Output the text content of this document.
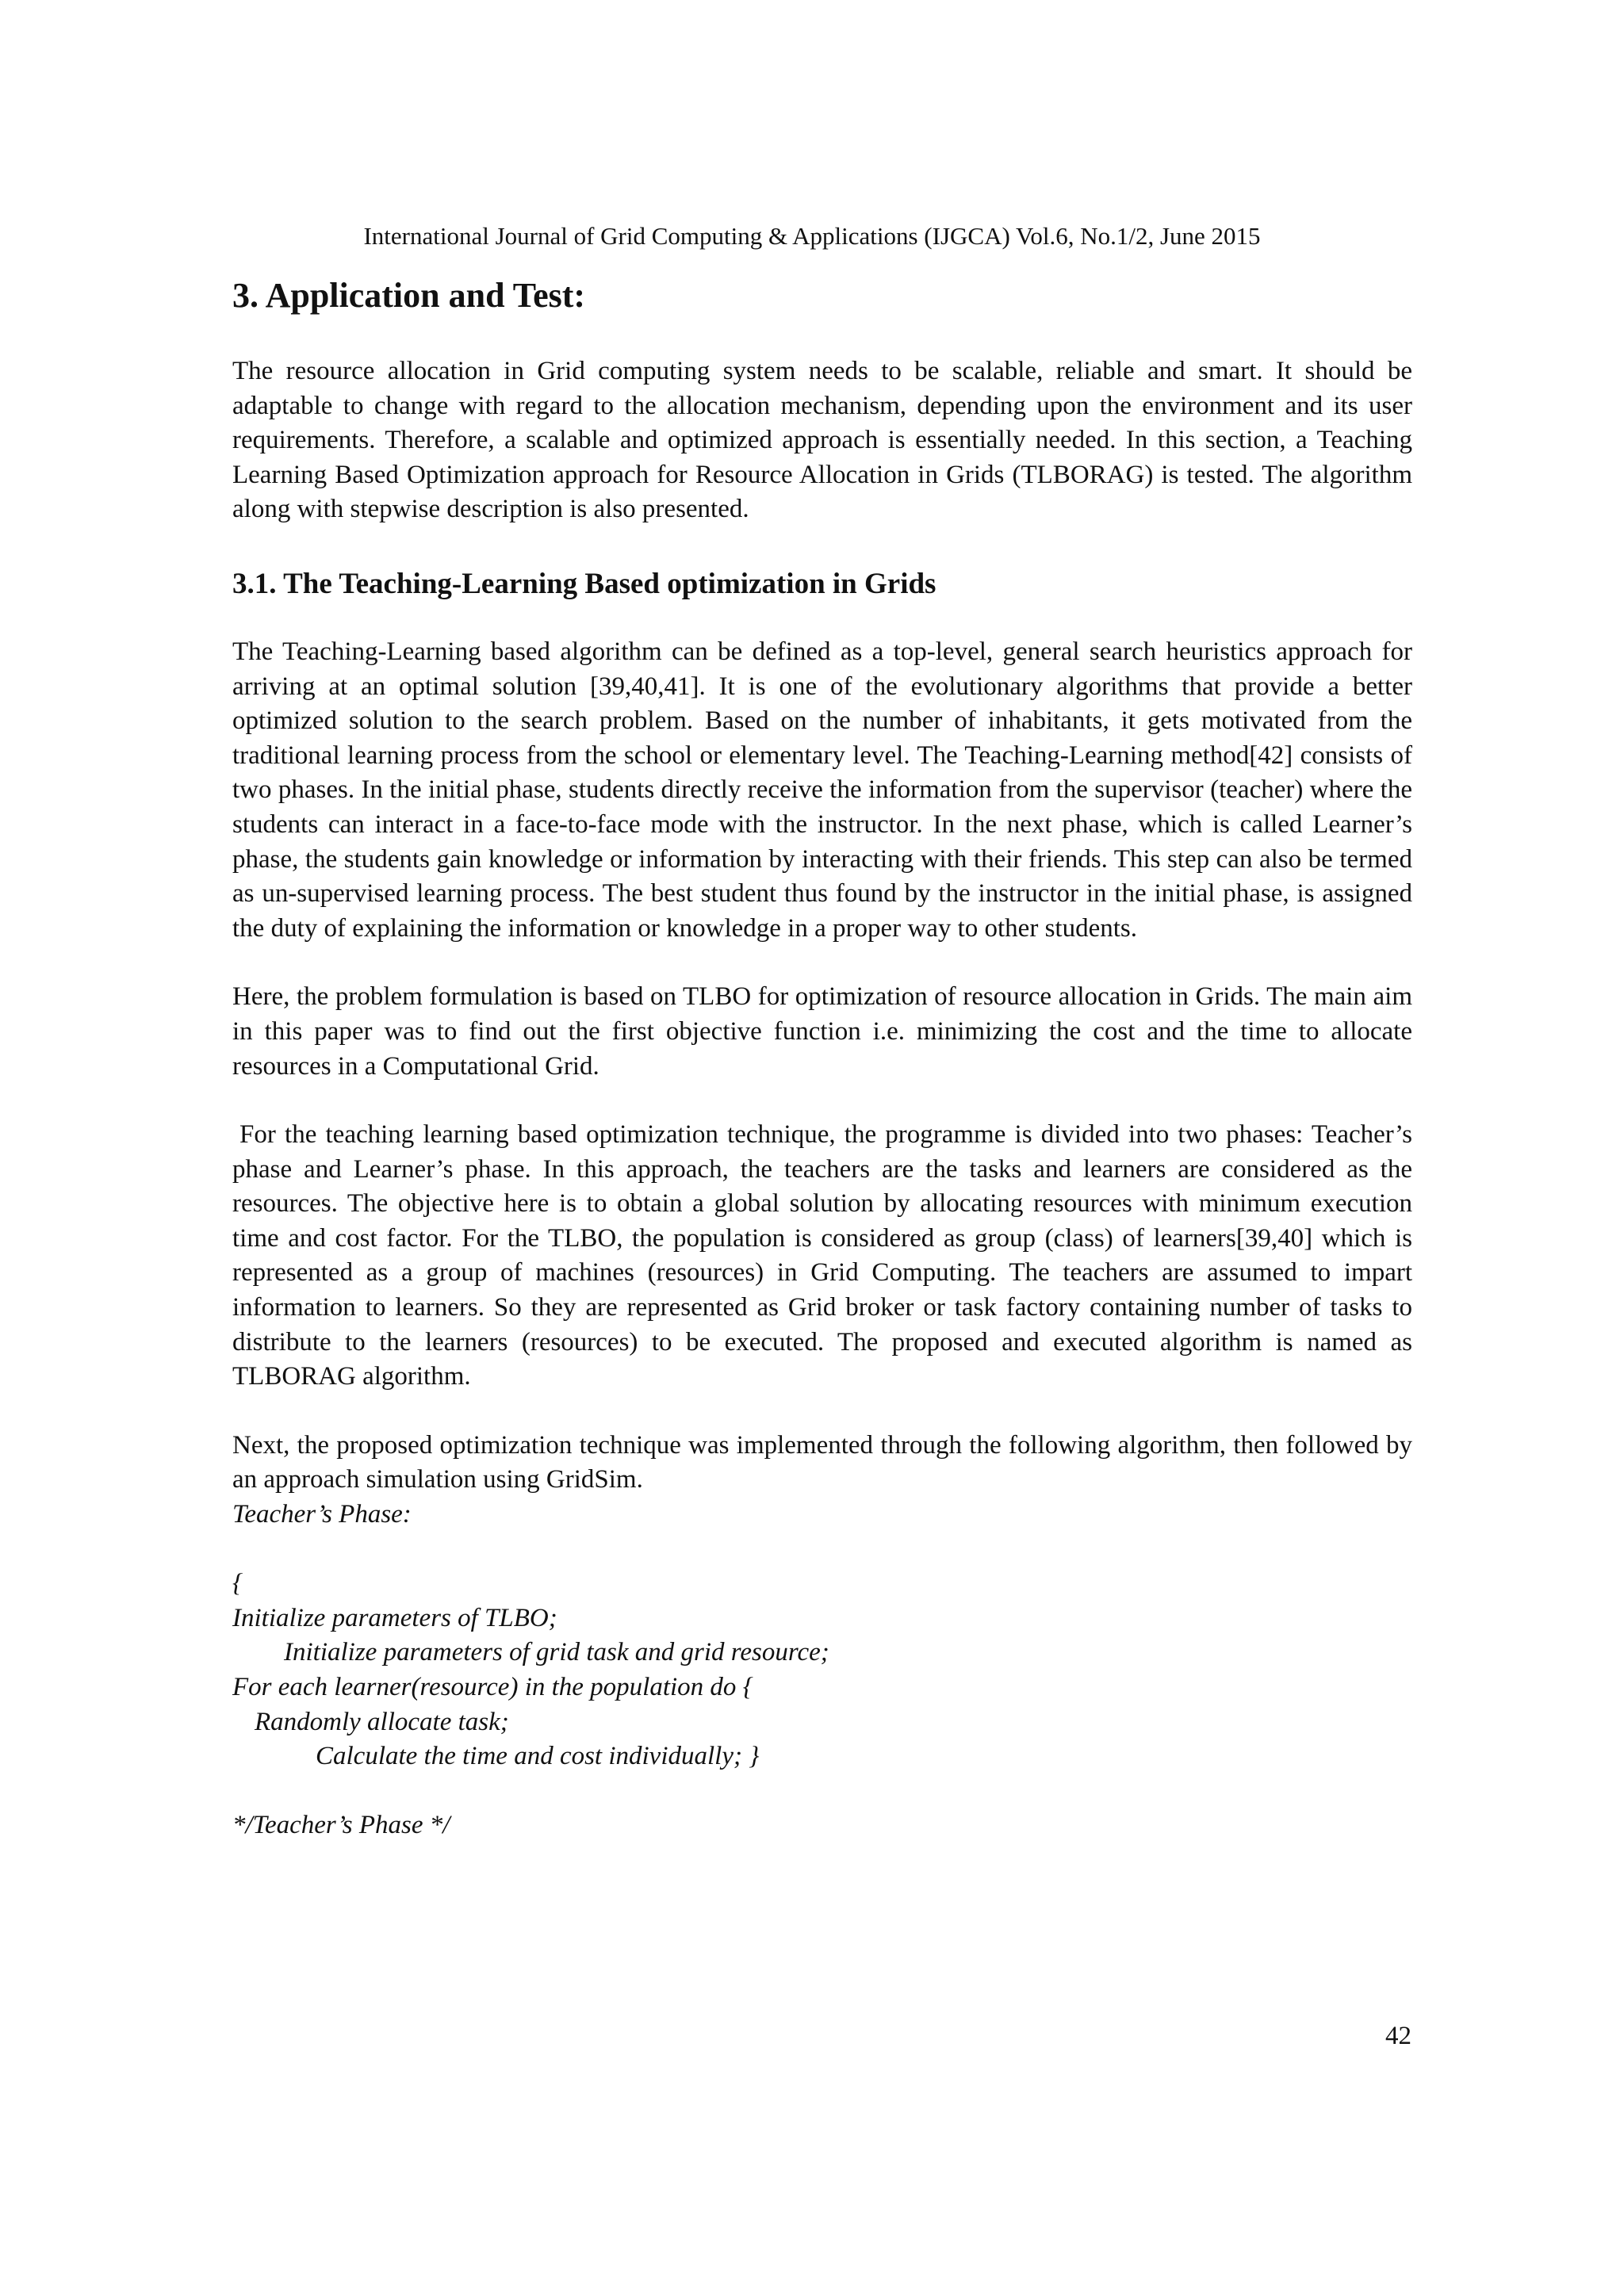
International Journal of Grid Computing & Applications (IJGCA) Vol.6, No.1/2, June 2015
3. Application and Test:

The resource allocation in Grid computing system needs to be scalable, reliable and smart. It should be adaptable to change with regard to the allocation mechanism, depending upon the environment and its user requirements. Therefore, a scalable and optimized approach is essentially needed. In this section, a Teaching Learning Based Optimization approach for Resource Allocation in Grids (TLBORAG) is tested. The algorithm along with stepwise description is also presented.

3.1. The Teaching-Learning Based optimization in Grids

The Teaching-Learning based algorithm can be defined as a top-level, general search heuristics approach for arriving at an optimal solution [39,40,41]. It is one of the evolutionary algorithms that provide a better optimized solution to the search problem. Based on the number of inhabitants, it gets motivated from the traditional learning process from the school or elementary level. The Teaching-Learning method[42] consists of two phases. In the initial phase, students directly receive the information from the supervisor (teacher) where the students can interact in a face-to-face mode with the instructor. In the next phase, which is called Learner’s phase, the students gain knowledge or information by interacting with their friends. This step can also be termed as un-supervised learning process. The best student thus found by the instructor in the initial phase, is assigned the duty of explaining the information or knowledge in a proper way to other students.

Here, the problem formulation is based on TLBO for optimization of resource allocation in Grids. The main aim in this paper was to find out the first objective function i.e. minimizing the cost and the time to allocate resources in a Computational Grid.

For the teaching learning based optimization technique, the programme is divided into two phases: Teacher’s phase and Learner’s phase. In this approach, the teachers are the tasks and learners are considered as the resources. The objective here is to obtain a global solution by allocating resources with minimum execution time and cost factor. For the TLBO, the population is considered as group (class) of learners[39,40] which is represented as a group of machines (resources) in Grid Computing. The teachers are assumed to impart information to learners. So they are represented as Grid broker or task factory containing number of tasks to distribute to the learners (resources) to be executed. The proposed and executed algorithm is named as TLBORAG algorithm.

Next, the proposed optimization technique was implemented through the following algorithm, then followed by an approach simulation using GridSim.

Teacher’s Phase:
{
Initialize parameters of TLBO;
Initialize parameters of grid task and grid resource;
For each learner(resource) in the population do {
Randomly allocate task;
Calculate the time and cost individually; }
*/Teacher’s Phase */
42
